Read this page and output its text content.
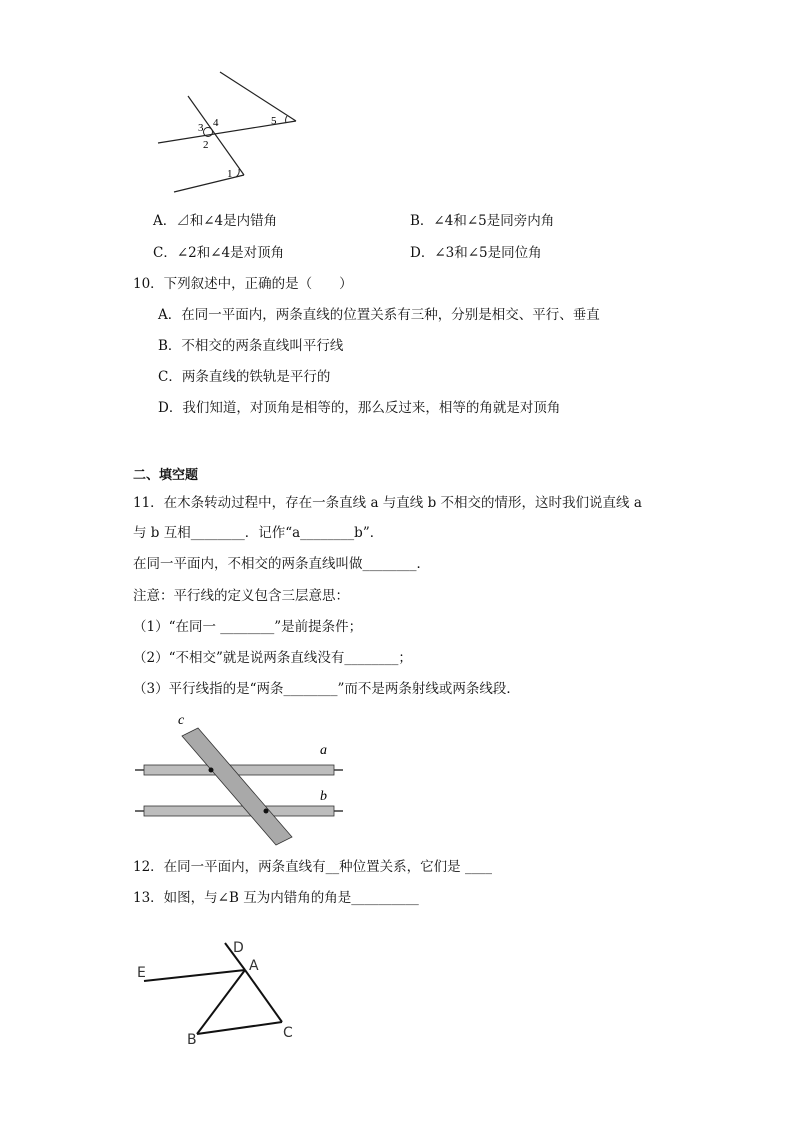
3 4
2
5
1
A．⊿和∠4是内错角	B．∠4和∠5是同旁内角
C．∠2和∠4是对顶角	D．∠3和∠5是同位角
10．下列叙述中，正确的是（　　）
A．在同一平面内，两条直线的位置关系有三种，分别是相交、平行、垂直
B．不相交的两条直线叫平行线
C．两条直线的铁轨是平行的
D．我们知道，对顶角是相等的，那么反过来，相等的角就是对顶角
二、填空题
11．在木条转动过程中，存在一条直线 a 与直线 b 不相交的情形，这时我们说直线 a
与 b 互相________．记作“a________b”．
在同一平面内，不相交的两条直线叫做________．
注意：平行线的定义包含三层意思：
（1）“在同一 ________”是前提条件；
（2）“不相交”就是说两条直线没有________；
（3）平行线指的是“两条________”而不是两条射线或两条线段．
c
a
b
12．在同一平面内，两条直线有__种位置关系，它们是 ____
13．如图，与∠B 互为内错角的角是__________
D
A
E
B	C
